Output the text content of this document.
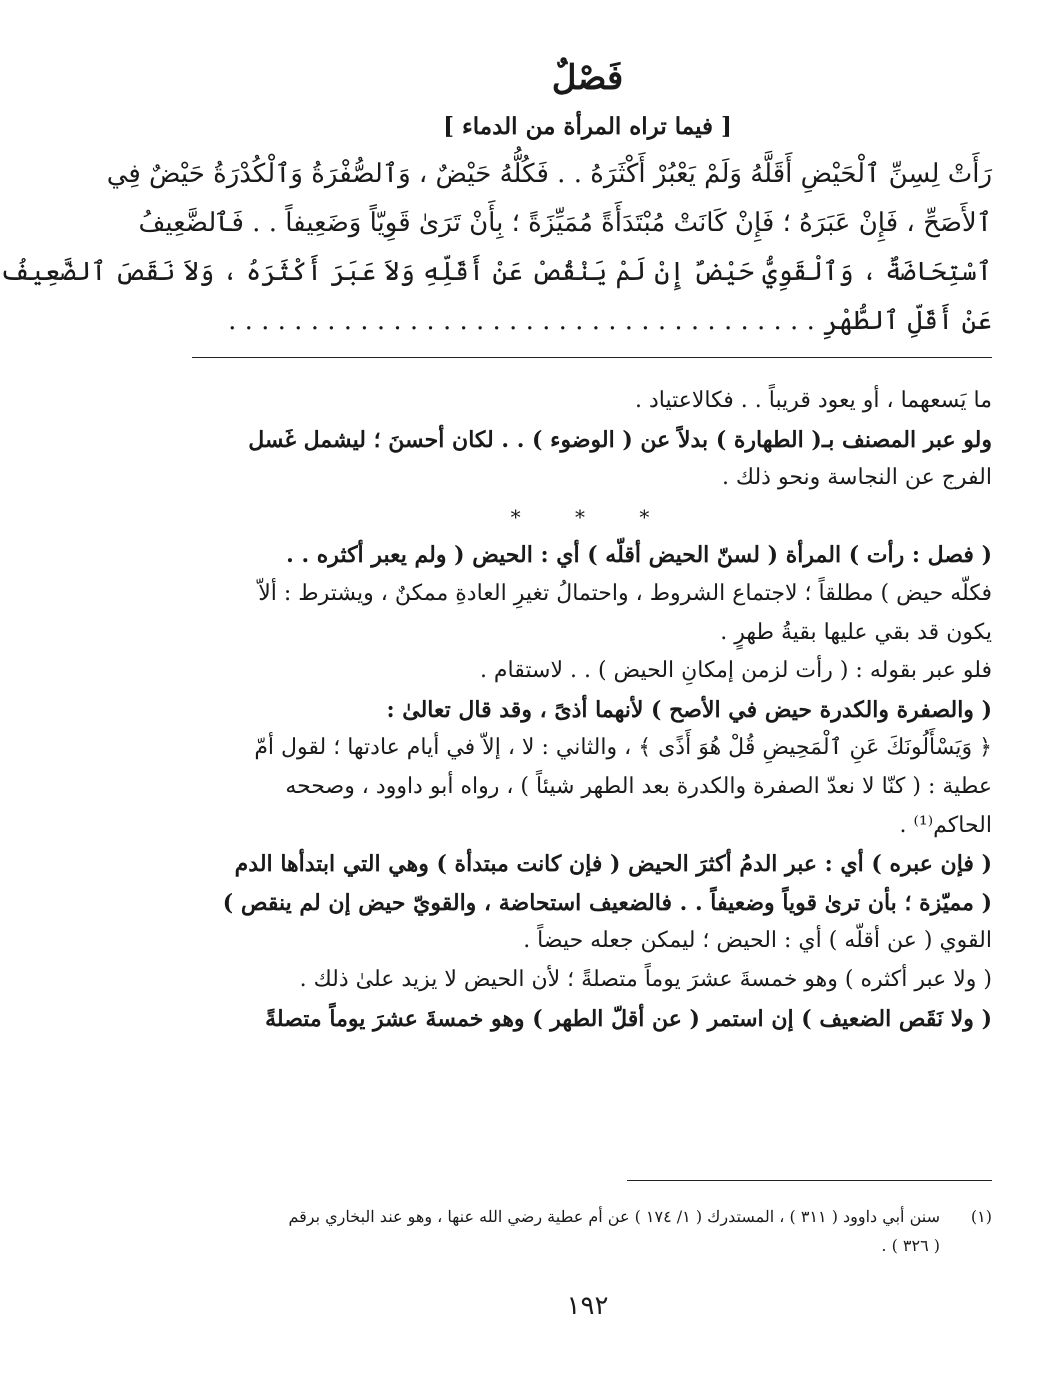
فَصْلٌ
[ فيما تراه المرأة من الدماء ]

رَأَتْ لِسِنِّ ٱلْحَيْضِ أَقَلَّهُ وَلَمْ يَعْبُرْ أَكْثَرَهُ . . فَكُلُّهُ حَيْضٌ ، وَٱلصُّفْرَةُ وَٱلْكُدْرَةُ حَيْضٌ فِي

ٱلأَصَحِّ ، فَإِنْ عَبَرَهُ ؛ فَإِنْ كَانَتْ مُبْتَدَأَةً مُمَيِّزَةً ؛ بِأَنْ تَرَىٰ قَوِيّاً وَضَعِيفاً . . فَٱلضَّعِيفُ

ٱسْتِحَاضَةٌ ، وَٱلْقَوِيُّ حَيْضٌ إِنْ لَمْ يَنْقُصْ عَنْ أَقَلِّهِ وَلاَ عَبَرَ أَكْثَرَهُ ، وَلاَ نَقَصَ ٱلضَّعِيفُ

عَنْ أَقَلِّ ٱلطُّهْرِ . . . . . . . . . . . . . . . . . . . . . . . . . . . . . . . . . . . .

ما يَسعهما ، أو يعود قريباً . . فكالاعتياد .

ولو عبر المصنف بـ( الطهارة ) بدلاً عن ( الوضوء ) . . لكان أحسنَ ؛ ليشمل غَسل

الفرج عن النجاسة ونحو ذلك .

* * *

( فصل : رأت ) المرأة ( لسنّ الحيض أقلّه ) أي : الحيض ( ولم يعبر أكثره . .

فكلّه حيض ) مطلقاً ؛ لاجتماع الشروط ، واحتمالُ تغيرِ العادةِ ممكنٌ ، ويشترط : ألاّ

يكون قد بقي عليها بقيةُ طهرٍ .

فلو عبر بقوله : ( رأت لزمن إمكانِ الحيض ) . . لاستقام .

( والصفرة والكدرة حيض في الأصح ) لأنهما أذىً ، وقد قال تعالىٰ :

﴿ وَيَسْأَلُونَكَ عَنِ ٱلْمَحِيضِ قُلْ هُوَ أَذًى ﴾ ، والثاني : لا ، إلاّ في أيام عادتها ؛ لقول أمّ

عطية : ( كنّا لا نعدّ الصفرة والكدرة بعد الطهر شيئاً ) ، رواه أبو داوود ، وصححه

الحاكم⁽¹⁾ .

( فإن عبره ) أي : عبر الدمُ أكثرَ الحيض ( فإن كانت مبتدأة ) وهي التي ابتدأها الدم

( مميّزة ؛ بأن ترىٰ قوياً وضعيفاً . . فالضعيف استحاضة ، والقويّ حيض إن لم ينقص )

القوي ( عن أقلّه ) أي : الحيض ؛ ليمكن جعله حيضاً .

( ولا عبر أكثره ) وهو خمسةَ عشرَ يوماً متصلةً ؛ لأن الحيض لا يزيد علىٰ ذلك .

( ولا نَقَص الضعيف ) إن استمر ( عن أقلّ الطهر ) وهو خمسةَ عشرَ يوماً متصلةً

(١)سنن أبي داوود ( ٣١١ ) ، المستدرك ( ١/ ١٧٤ ) عن أم عطية رضي الله عنها ، وهو عند البخاري برقم

( ٣٢٦ ) .

١٩٢
